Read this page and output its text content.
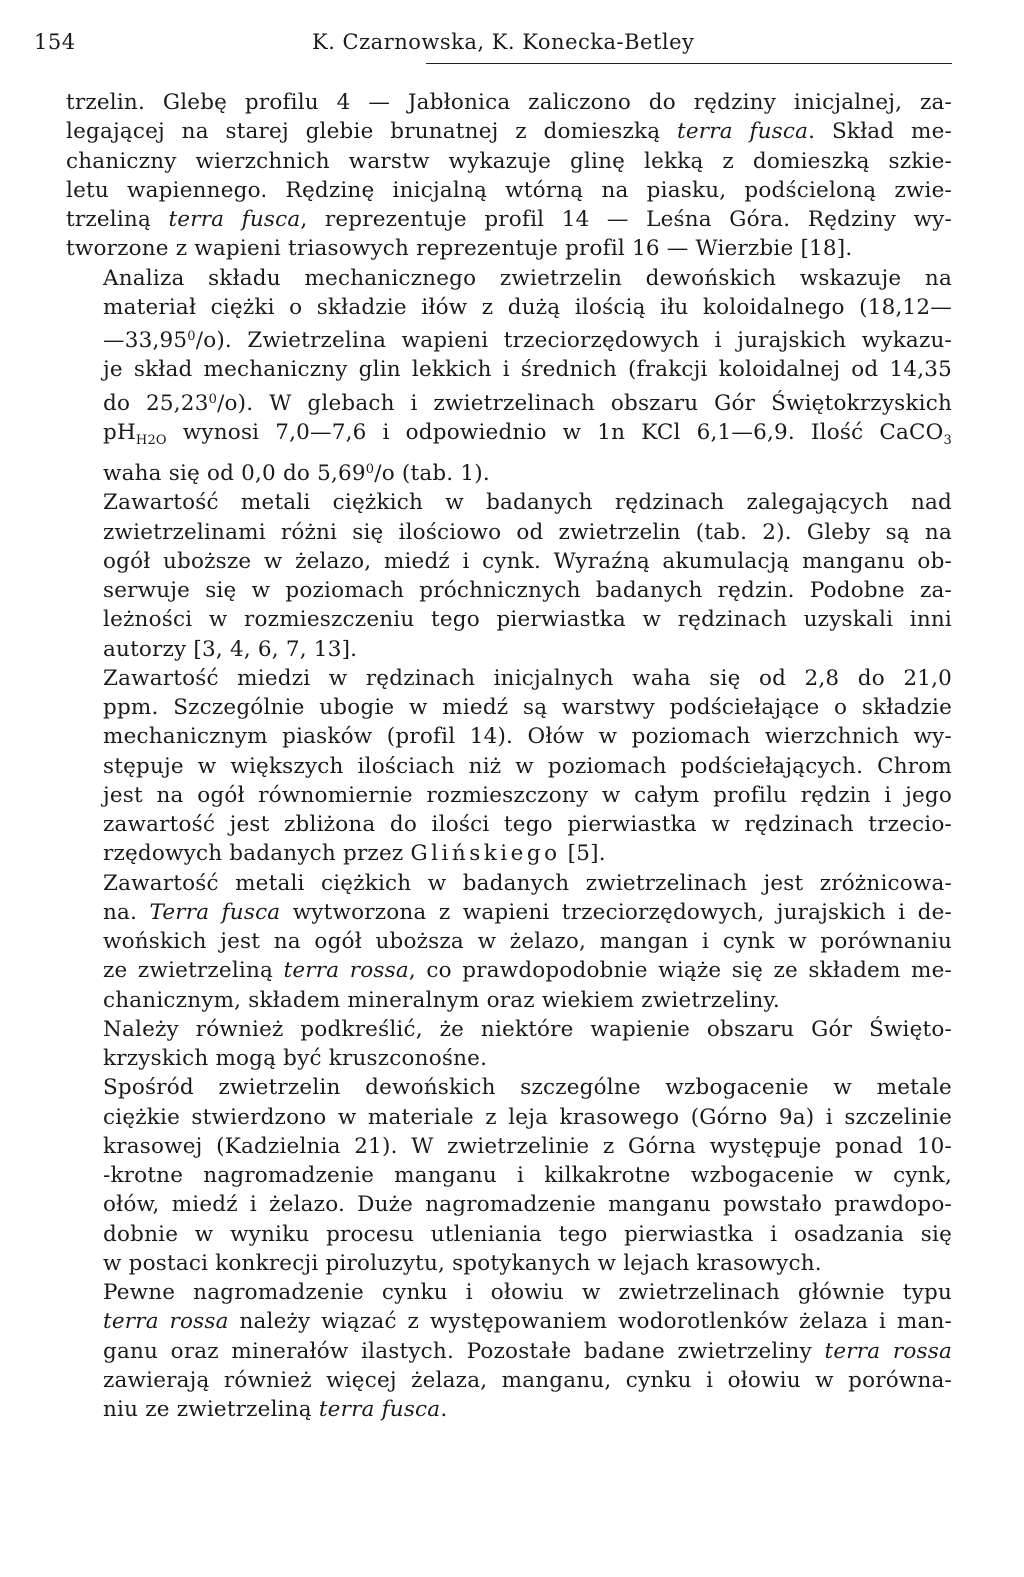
154	K. Czarnowska, K. Konecka-Betley

trzelin. Glebę profilu 4 — Jabłonica zaliczono do rędziny inicjalnej, za-
legającej na starej glebie brunatnej z domieszką terra fusca. Skład me-
chaniczny wierzchnich warstw wykazuje glinę lekką z domieszką szkie-
letu wapiennego. Rędzinę inicjalną wtórną na piasku, podścieloną zwie-
trzeliną terra fusca, reprezentuje profil 14 — Leśna Góra. Rędziny wy-
tworzone z wapieni triasowych reprezentuje profil 16 — Wierzbie [18].

Analiza składu mechanicznego zwietrzelin dewońskich wskazuje na
materiał ciężki o składzie iłów z dużą ilością iłu koloidalnego (18,12—
—33,95$^0$/o). Zwietrzelina wapieni trzeciorzędowych i jurajskich wykazu-
je skład mechaniczny glin lekkich i średnich (frakcji koloidalnej od 14,35
do 25,23$^0$/o). W glebach i zwietrzelinach obszaru Gór Świętokrzyskich
$pH_{H2O}$ wynosi 7,0—7,6 i odpowiednio w 1n KCl 6,1—6,9. Ilość CaCO$_3$
waha się od 0,0 do 5,69$^0$/o (tab. 1).

Zawartość metali ciężkich w badanych rędzinach zalegających nad
zwietrzelinami różni się ilościowo od zwietrzelin (tab. 2). Gleby są na
ogół uboższe w żelazo, miedź i cynk. Wyraźną akumulacją manganu ob-
serwuje się w poziomach próchnicznych badanych rędzin. Podobne za-
leżności w rozmieszczeniu tego pierwiastka w rędzinach uzyskali inni
autorzy [3, 4, 6, 7, 13].

Zawartość miedzi w rędzinach inicjalnych waha się od 2,8 do 21,0
ppm. Szczególnie ubogie w miedź są warstwy podściełające o składzie
mechanicznym piasków (profil 14). Ołów w poziomach wierzchnich wy-
stępuje w większych ilościach niż w poziomach podściełających. Chrom
jest na ogół równomiernie rozmieszczony w całym profilu rędzin i jego
zawartość jest zbliżona do ilości tego pierwiastka w rędzinach trzecio-
rzędowych badanych przez Glińskiego [5].

Zawartość metali ciężkich w badanych zwietrzelinach jest zróżnicowa-
na. Terra fusca wytworzona z wapieni trzeciorzędowych, jurajskich i de-
wońskich jest na ogół uboższa w żelazo, mangan i cynk w porównaniu
ze zwietrzeliną terra rossa, co prawdopodobnie wiąże się ze składem me-
chanicznym, składem mineralnym oraz wiekiem zwietrzeliny.

Należy również podkreślić, że niektóre wapienie obszaru Gór Święto-
krzyskich mogą być kruszconośne.

Spośród zwietrzelin dewońskich szczególne wzbogacenie w metale
ciężkie stwierdzono w materiale z leja krasowego (Górno 9a) i szczelinie
krasowej (Kadzielnia 21). W zwietrzelinie z Górna występuje ponad 10-
-krotne nagromadzenie manganu i kilkakrotne wzbogacenie w cynk,
ołów, miedź i żelazo. Duże nagromadzenie manganu powstało prawdopo-
dobnie w wyniku procesu utleniania tego pierwiastka i osadzania się
w postaci konkrecji piroluzytu, spotykanych w lejach krasowych.

Pewne nagromadzenie cynku i ołowiu w zwietrzelinach głównie typu
terra rossa należy wiązać z występowaniem wodorotlenków żelaza i man-
ganu oraz minerałów ilastych. Pozostałe badane zwietrzeliny terra rossa
zawierają również więcej żelaza, manganu, cynku i ołowiu w porówna-
niu ze zwietrzeliną terra fusca.
